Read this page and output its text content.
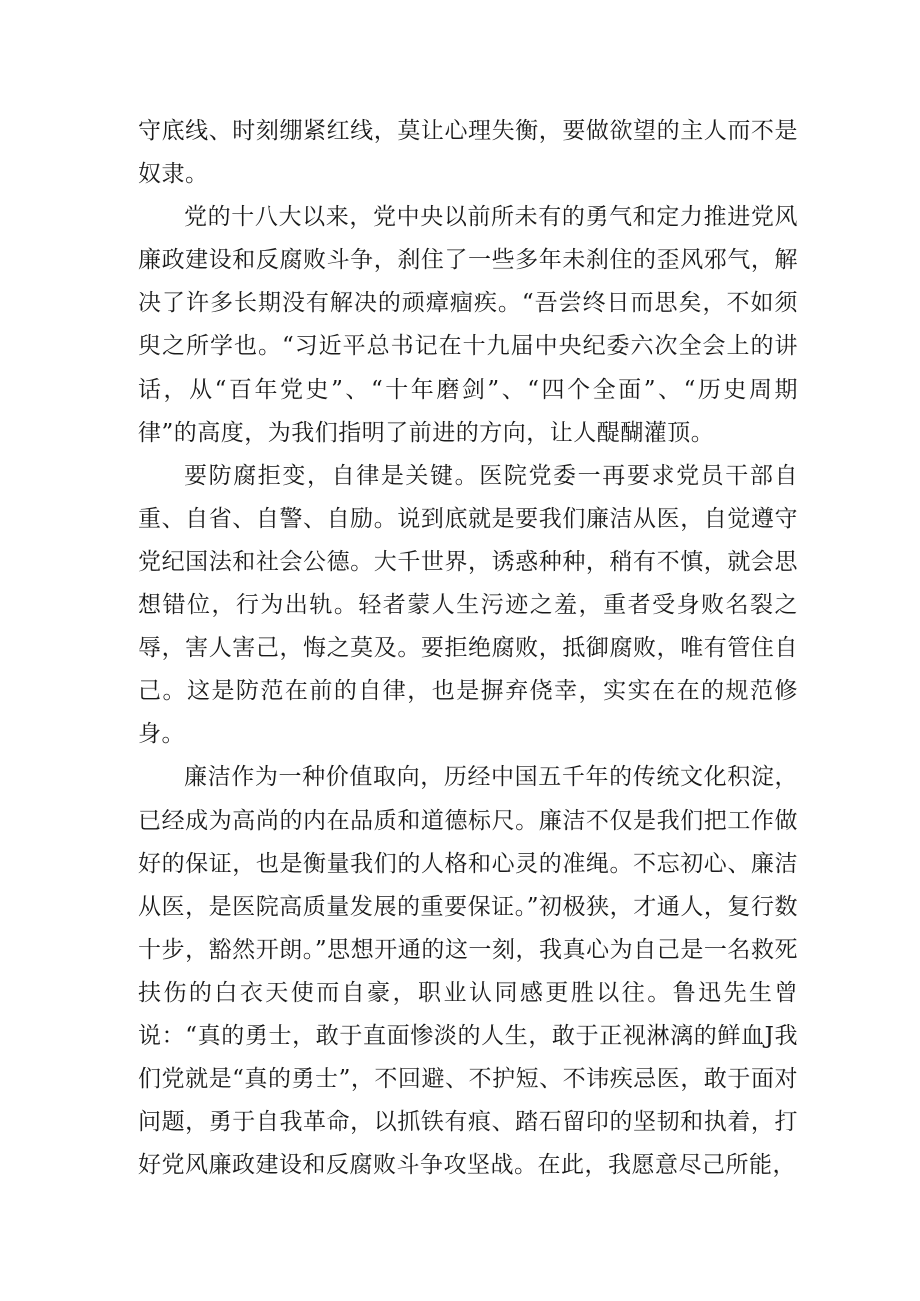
守底线、时刻绷紧红线，莫让心理失衡，要做欲望的主人而不是奴隶。

党的十八大以来，党中央以前所未有的勇气和定力推进党风廉政建设和反腐败斗争，刹住了一些多年未刹住的歪风邪气，解决了许多长期没有解决的顽瘴痼疾。“吾尝终日而思矣，不如须臾之所学也。“习近平总书记在十九届中央纪委六次全会上的讲话，从“百年党史”、“十年磨剑”、“四个全面”、“历史周期律”的高度，为我们指明了前进的方向，让人醍醐灌顶。

要防腐拒变，自律是关键。医院党委一再要求党员干部自重、自省、自警、自励。说到底就是要我们廉洁从医，自觉遵守党纪国法和社会公德。大千世界，诱惑种种，稍有不慎，就会思想错位，行为出轨。轻者蒙人生污迹之羞，重者受身败名裂之辱，害人害己，悔之莫及。要拒绝腐败，抵御腐败，唯有管住自己。这是防范在前的自律，也是摒弃侥幸，实实在在的规范修身。

廉洁作为一种价值取向，历经中国五千年的传统文化积淀，已经成为高尚的内在品质和道德标尺。廉洁不仅是我们把工作做好的保证，也是衡量我们的人格和心灵的准绳。不忘初心、廉洁从医，是医院高质量发展的重要保证。”初极狭，才通人，复行数十步，豁然开朗。”思想开通的这一刻，我真心为自己是一名救死扶伤的白衣天使而自豪，职业认同感更胜以往。鲁迅先生曾说：“真的勇士，敢于直面惨淡的人生，敢于正视淋漓的鲜血J我们党就是“真的勇士”，不回避、不护短、不讳疾忌医，敢于面对问题，勇于自我革命，以抓铁有痕、踏石留印的坚韧和执着，打好党风廉政建设和反腐败斗争攻坚战。在此，我愿意尽己所能，
